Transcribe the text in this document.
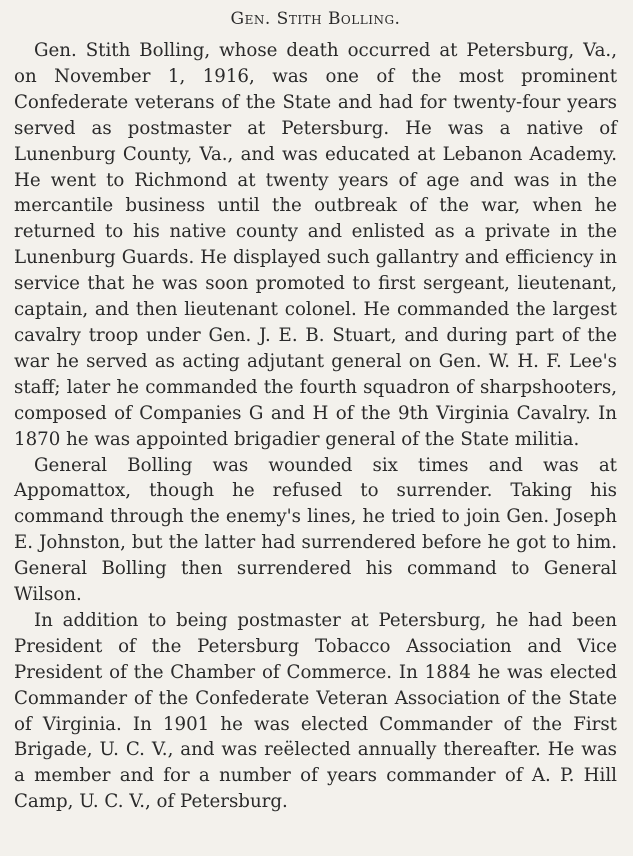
Gen. Stith Bolling.

Gen. Stith Bolling, whose death occurred at Petersburg, Va., on November 1, 1916, was one of the most prominent Confederate veterans of the State and had for twenty-four years served as postmaster at Petersburg. He was a native of Lunenburg County, Va., and was educated at Lebanon Academy. He went to Richmond at twenty years of age and was in the mercantile business until the outbreak of the war, when he returned to his native county and enlisted as a private in the Lunenburg Guards. He displayed such gallantry and efficiency in service that he was soon promoted to first sergeant, lieutenant, captain, and then lieutenant colonel. He commanded the largest cavalry troop under Gen. J. E. B. Stuart, and during part of the war he served as acting adjutant general on Gen. W. H. F. Lee's staff; later he commanded the fourth squadron of sharpshooters, composed of Companies G and H of the 9th Virginia Cavalry. In 1870 he was appointed brigadier general of the State militia.

General Bolling was wounded six times and was at Appomattox, though he refused to surrender. Taking his command through the enemy's lines, he tried to join Gen. Joseph E. Johnston, but the latter had surrendered before he got to him. General Bolling then surrendered his command to General Wilson.

In addition to being postmaster at Petersburg, he had been President of the Petersburg Tobacco Association and Vice President of the Chamber of Commerce. In 1884 he was elected Commander of the Confederate Veteran Association of the State of Virginia. In 1901 he was elected Commander of the First Brigade, U. C. V., and was reëlected annually thereafter. He was a member and for a number of years commander of A. P. Hill Camp, U. C. V., of Petersburg.
